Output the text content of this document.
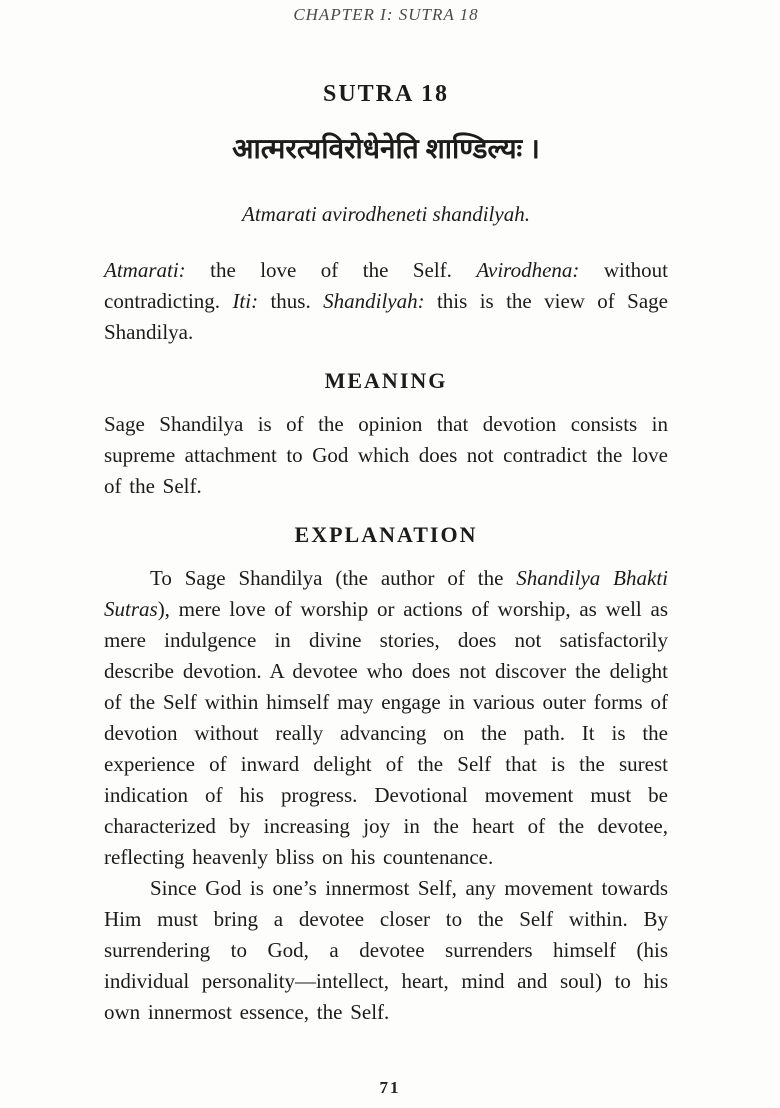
CHAPTER I: SUTRA 18
SUTRA 18
आत्मरत्यविरोधेनेति शाण्डिल्यः ।
Atmarati avirodheneti shandilyah.

Atmarati: the love of the Self. Avirodhena: without contradicting. Iti: thus. Shandilyah: this is the view of Sage Shandilya.

MEANING

Sage Shandilya is of the opinion that devotion consists in supreme attachment to God which does not contradict the love of the Self.

EXPLANATION

To Sage Shandilya (the author of the Shandilya Bhakti Sutras), mere love of worship or actions of worship, as well as mere indulgence in divine stories, does not satisfactorily describe devotion. A devotee who does not discover the delight of the Self within himself may engage in various outer forms of devotion without really advancing on the path. It is the experience of inward delight of the Self that is the surest indication of his progress. Devotional movement must be characterized by increasing joy in the heart of the devotee, reflecting heavenly bliss on his countenance.

Since God is one’s innermost Self, any movement towards Him must bring a devotee closer to the Self within. By surrendering to God, a devotee surrenders himself (his individual personality—intellect, heart, mind and soul) to his own innermost essence, the Self.

71
